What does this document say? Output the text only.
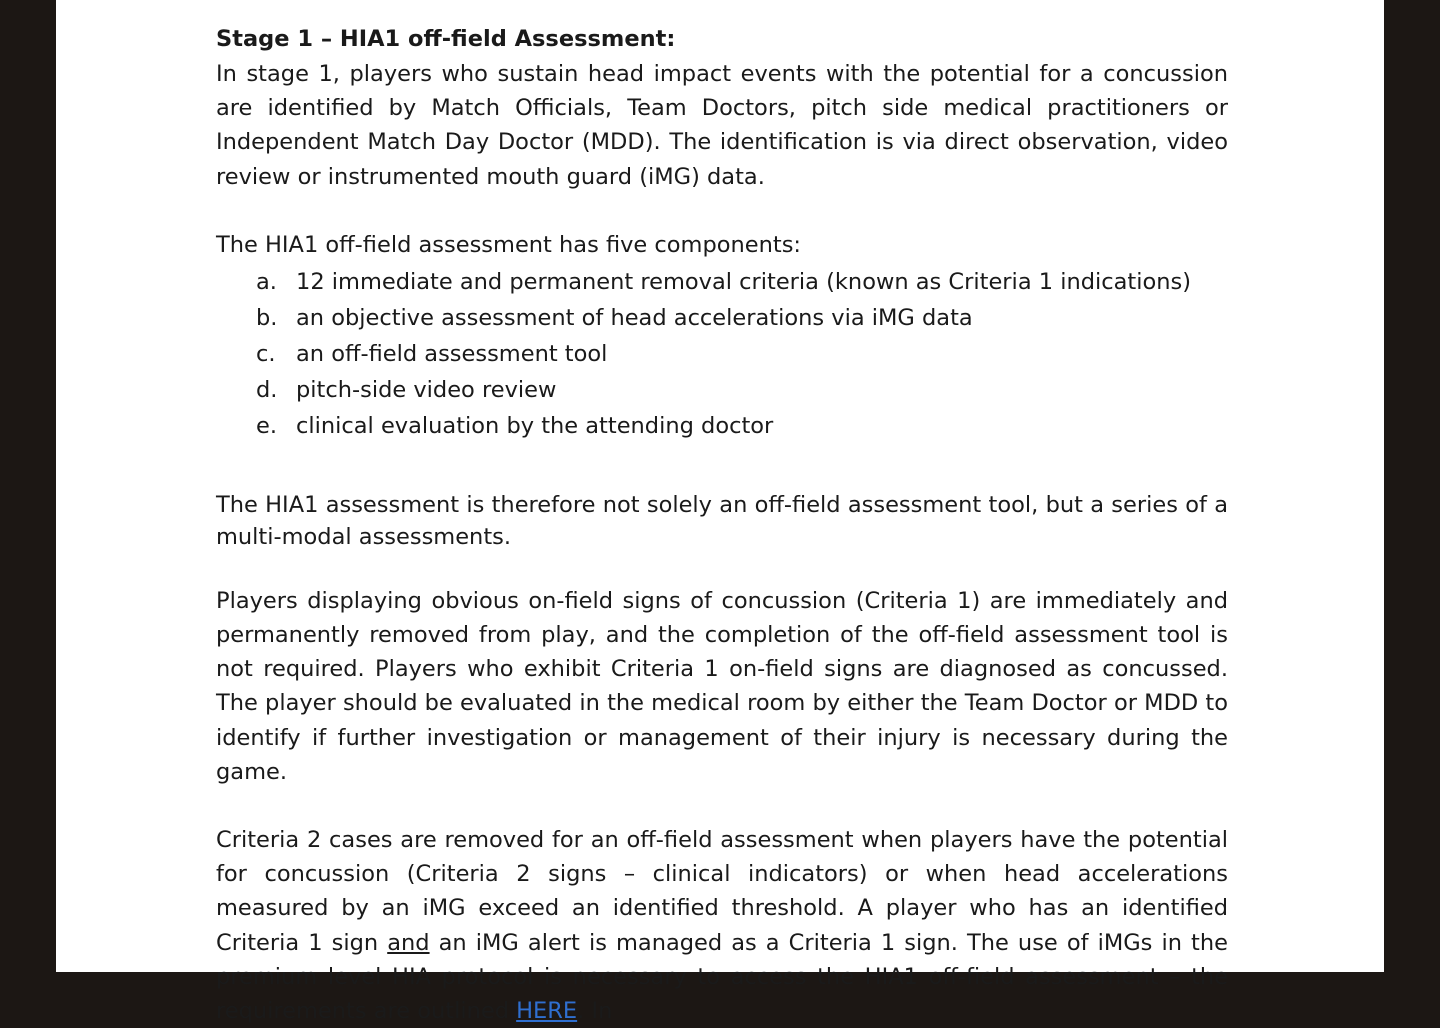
Stage 1 – HIA1 off-field Assessment:

In stage 1, players who sustain head impact events with the potential for a concussion are identified by Match Officials, Team Doctors, pitch side medical practitioners or Independent Match Day Doctor (MDD). The identification is via direct observation, video review or instrumented mouth guard (iMG) data.

The HIA1 off-field assessment has five components:

a. 12 immediate and permanent removal criteria (known as Criteria 1 indications)
b. an objective assessment of head accelerations via iMG data
c. an off-field assessment tool
d. pitch-side video review
e. clinical evaluation by the attending doctor

The HIA1 assessment is therefore not solely an off-field assessment tool, but a series of a multi-modal assessments.

Players displaying obvious on-field signs of concussion (Criteria 1) are immediately and permanently removed from play, and the completion of the off-field assessment tool is not required. Players who exhibit Criteria 1 on-field signs are diagnosed as concussed. The player should be evaluated in the medical room by either the Team Doctor or MDD to identify if further investigation or management of their injury is necessary during the game.

Criteria 2 cases are removed for an off-field assessment when players have the potential for concussion (Criteria 2 signs – clinical indicators) or when head accelerations measured by an iMG exceed an identified threshold. A player who has an identified Criteria 1 sign and an iMG alert is managed as a Criteria 1 sign. The use of iMGs in the premium level HIA protocol is necessary to access the HIA1 off-field assessment – the requirements are outlined HERE. In
